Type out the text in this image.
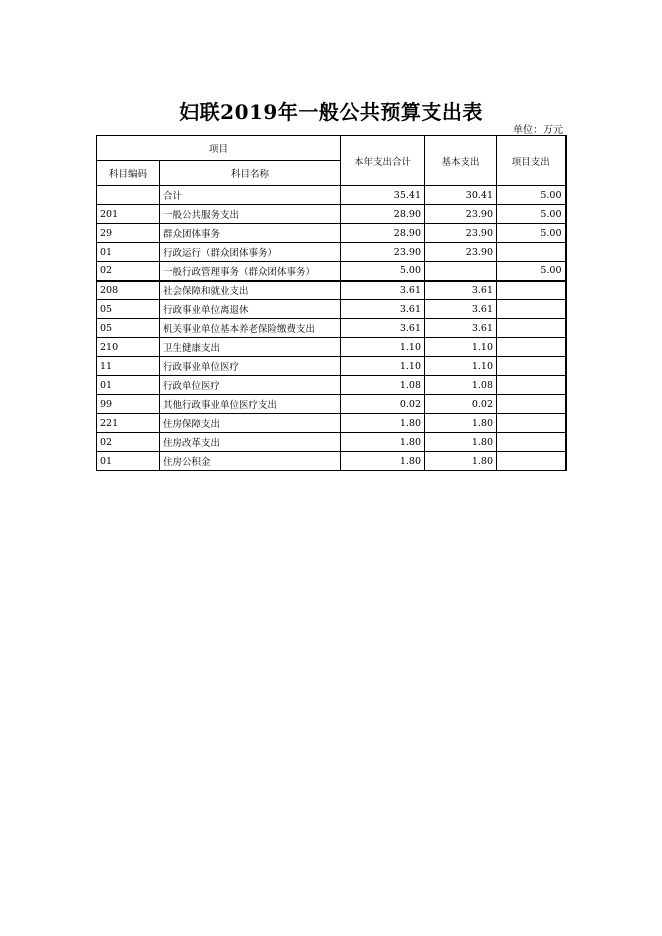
妇联2019年一般公共预算支出表
单位：万元
项目		本年支出合计	基本支出	项目支出
科目编码	科目名称			
	合计	35.41	30.41	5.00
201	一般公共服务支出	28.90	23.90	5.00
29	群众团体事务	28.90	23.90	5.00
01	行政运行（群众团体事务）	23.90	23.90	
02	一般行政管理事务（群众团体事务）	5.00		5.00
208	社会保障和就业支出	3.61	3.61	
05	行政事业单位离退休	3.61	3.61	
05	机关事业单位基本养老保险缴费支出	3.61	3.61	
210	卫生健康支出	1.10	1.10	
11	行政事业单位医疗	1.10	1.10	
01	行政单位医疗	1.08	1.08	
99	其他行政事业单位医疗支出	0.02	0.02	
221	住房保障支出	1.80	1.80	
02	住房改革支出	1.80	1.80	
01	住房公积金	1.80	1.80	
